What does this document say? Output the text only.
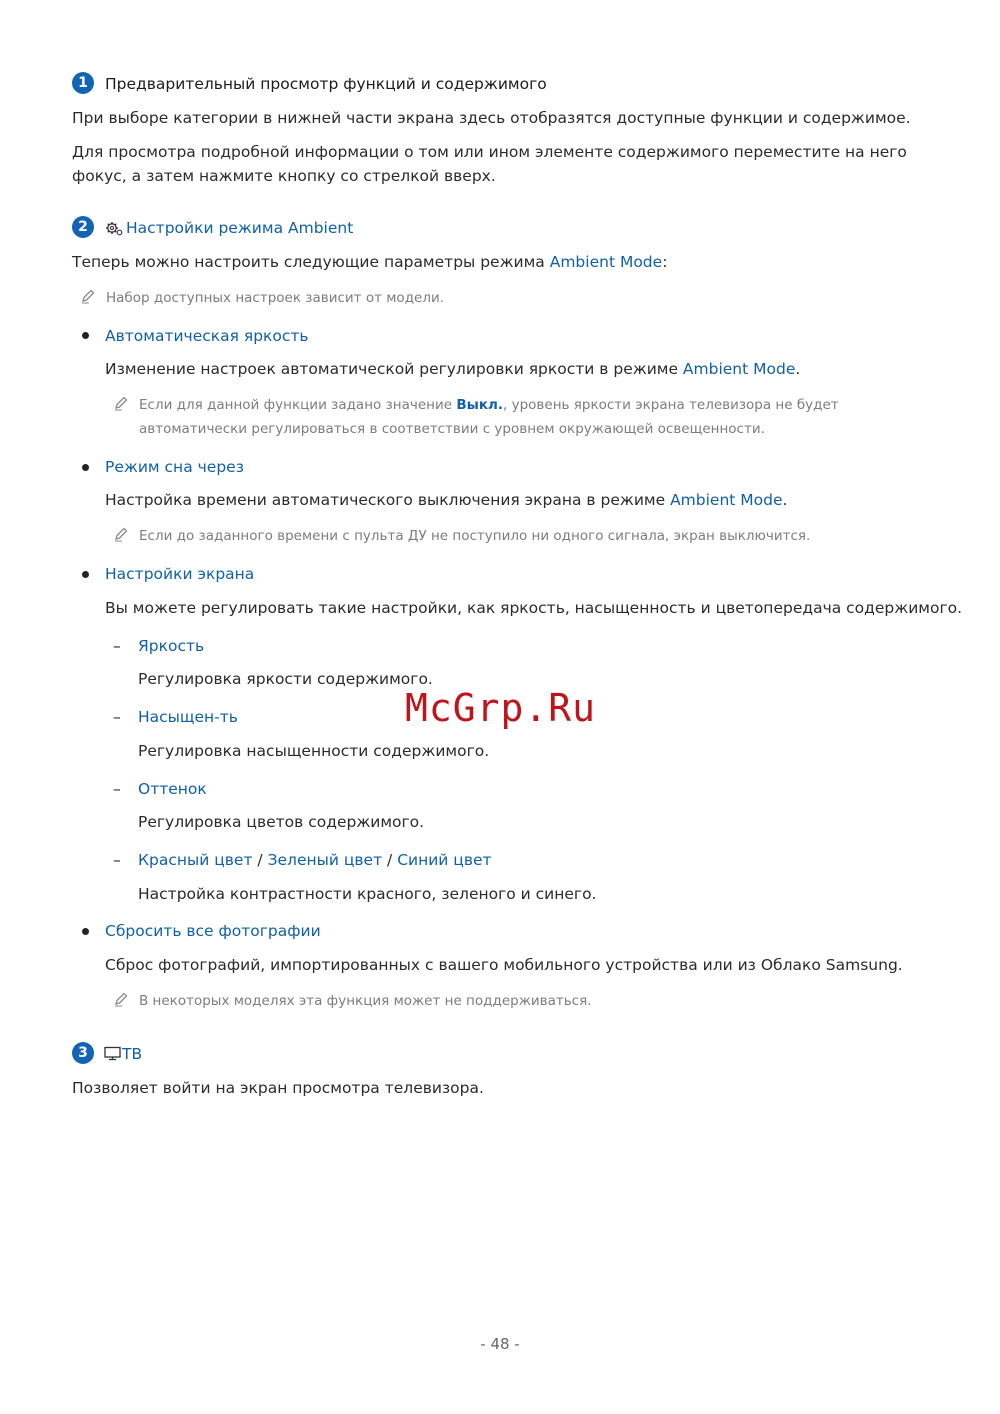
1	Предварительный просмотр функций и содержимого
При выборе категории в нижней части экрана здесь отобразятся доступные функции и содержимое.
Для просмотра подробной информации о том или ином элементе содержимого переместите на него фокус, а затем нажмите кнопку со стрелкой вверх.
2	Настройки режима Ambient
Теперь можно настроить следующие параметры режима Ambient Mode:
Набор доступных настроек зависит от модели.
Автоматическая яркость
Изменение настроек автоматической регулировки яркости в режиме Ambient Mode.
Если для данной функции задано значение Выкл., уровень яркости экрана телевизора не будет автоматически регулироваться в соответствии с уровнем окружающей освещенности.
Режим сна через
Настройка времени автоматического выключения экрана в режиме Ambient Mode.
Если до заданного времени с пульта ДУ не поступило ни одного сигнала, экран выключится.
Настройки экрана
Вы можете регулировать такие настройки, как яркость, насыщенность и цветопередача содержимого.
– Яркость
Регулировка яркости содержимого.
– Насыщен-ть
Регулировка насыщенности содержимого.
– Оттенок
Регулировка цветов содержимого.
– Красный цвет / Зеленый цвет / Синий цвет
Настройка контрастности красного, зеленого и синего.
Сбросить все фотографии
Сброс фотографий, импортированных с вашего мобильного устройства или из Облако Samsung.
В некоторых моделях эта функция может не поддерживаться.
3	ТВ
Позволяет войти на экран просмотра телевизора.
McGrp.Ru
- 48 -
